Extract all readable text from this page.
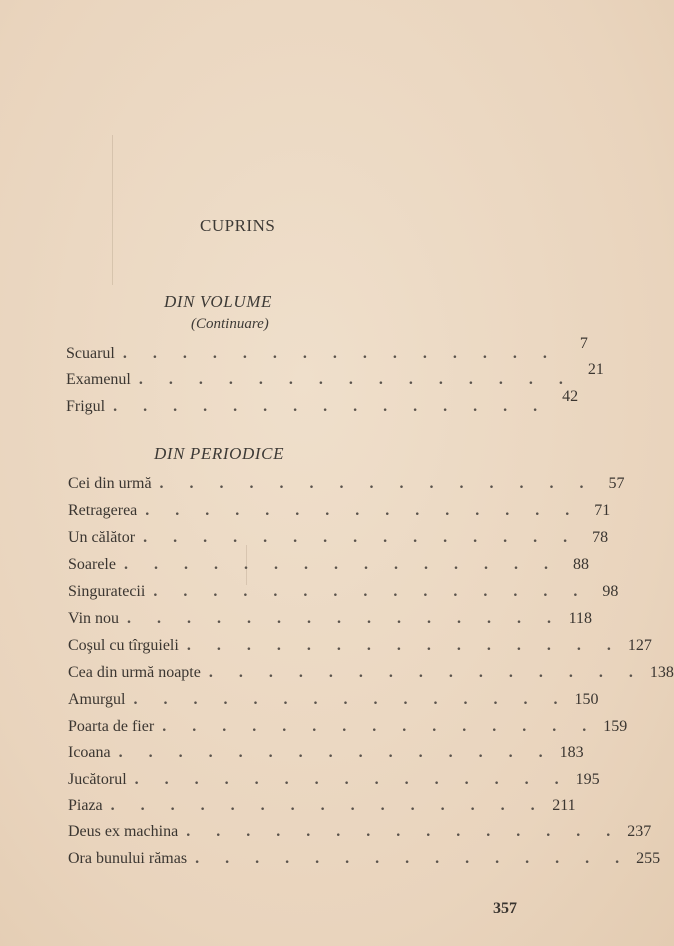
CUPRINS
DIN VOLUME
(Continuare)
Scuarul . . . . . . . . . . . . . . .
7
Examenul . . . . . . . . . . . . . . .
21
Frigul . . . . . . . . . . . . . . .
42
DIN PERIODICE
Cei din urmă . . . . . . . . . . . . . . . 57
Retragerea . . . . . . . . . . . . . . . 71
Un călător . . . . . . . . . . . . . . . 78
Soarele . . . . . . . . . . . . . . . 88
Singuratecii . . . . . . . . . . . . . . . 98
Vin nou . . . . . . . . . . . . . . . 118
Coşul cu tîrguieli . . . . . . . . . . . . . . . 127
Cea din urmă noapte . . . . . . . . . . . . . . . 138
Amurgul . . . . . . . . . . . . . . . 150
Poarta de fier . . . . . . . . . . . . . . . 159
Icoana . . . . . . . . . . . . . . . 183
Jucătorul . . . . . . . . . . . . . . . 195
Piaza . . . . . . . . . . . . . . . 211
Deus ex machina . . . . . . . . . . . . . . . 237
Ora bunului rămas . . . . . . . . . . . . . . . 255
357
